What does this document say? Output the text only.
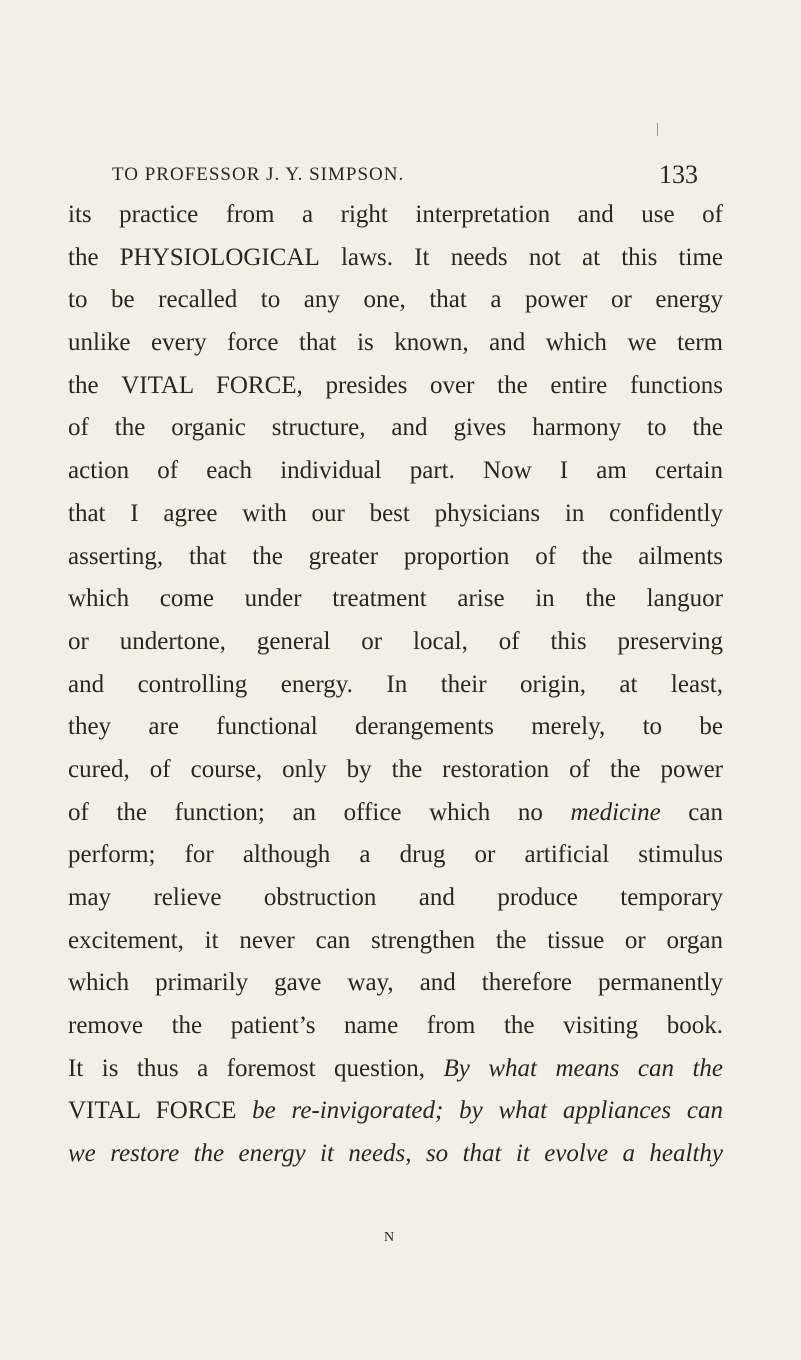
TO PROFESSOR J. Y. SIMPSON.	133
its practice from a right interpretation and use of
the PHYSIOLOGICAL laws. It needs not at this time
to be recalled to any one, that a power or energy
unlike every force that is known, and which we term
the VITAL FORCE, presides over the entire functions
of the organic structure, and gives harmony to the
action of each individual part. Now I am certain
that I agree with our best physicians in confidently
asserting, that the greater proportion of the ailments
which come under treatment arise in the languor
or undertone, general or local, of this preserving
and controlling energy. In their origin, at least,
they are functional derangements merely, to be
cured, of course, only by the restoration of the power
of the function; an office which no medicine can
perform; for although a drug or artificial stimulus
may relieve obstruction and produce temporary
excitement, it never can strengthen the tissue or organ
which primarily gave way, and therefore permanently
remove the patient’s name from the visiting book.
It is thus a foremost question, By what means can the
VITAL FORCE be re-invigorated; by what appliances can
we restore the energy it needs, so that it evolve a healthy
N
